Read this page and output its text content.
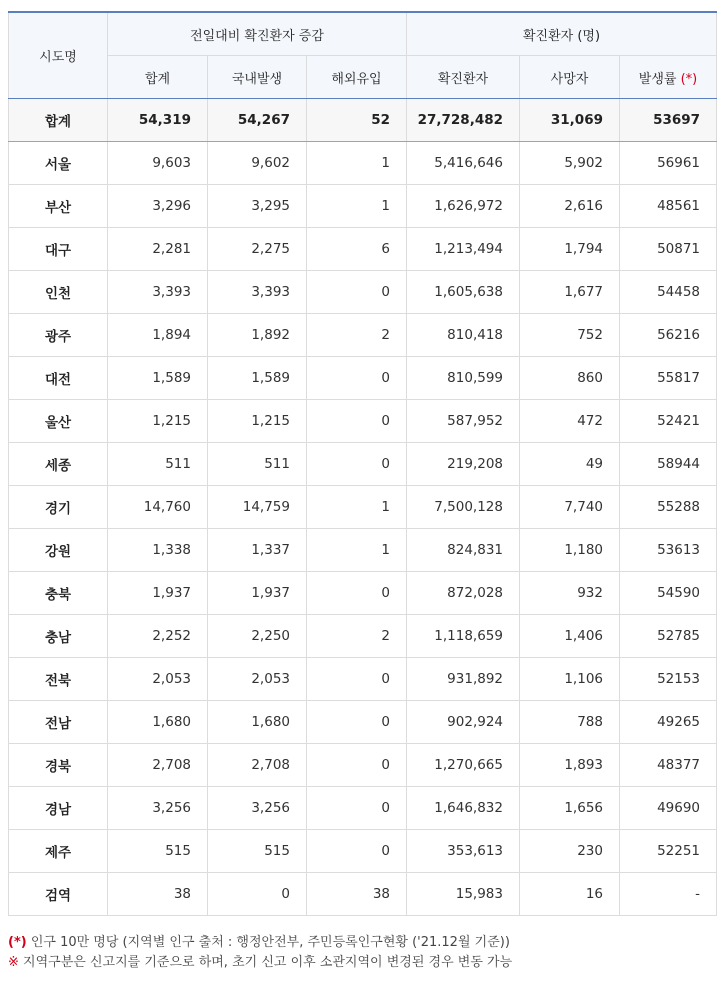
시도명	전일대비 확진환자 증감			확진환자 (명)		
	합계	국내발생	해외유입	확진환자	사망자	발생률 (*)
합계	54,319	54,267	52	27,728,482	31,069	53697
서울	9,603	9,602	1	5,416,646	5,902	56961
부산	3,296	3,295	1	1,626,972	2,616	48561
대구	2,281	2,275	6	1,213,494	1,794	50871
인천	3,393	3,393	0	1,605,638	1,677	54458
광주	1,894	1,892	2	810,418	752	56216
대전	1,589	1,589	0	810,599	860	55817
울산	1,215	1,215	0	587,952	472	52421
세종	511	511	0	219,208	49	58944
경기	14,760	14,759	1	7,500,128	7,740	55288
강원	1,338	1,337	1	824,831	1,180	53613
충북	1,937	1,937	0	872,028	932	54590
충남	2,252	2,250	2	1,118,659	1,406	52785
전북	2,053	2,053	0	931,892	1,106	52153
전남	1,680	1,680	0	902,924	788	49265
경북	2,708	2,708	0	1,270,665	1,893	48377
경남	3,256	3,256	0	1,646,832	1,656	49690
제주	515	515	0	353,613	230	52251
검역	38	0	38	15,983	16	-
(*) 인구 10만 명당 (지역별 인구 출처 : 행정안전부, 주민등록인구현황 ('21.12월 기준))
※ 지역구분은 신고지를 기준으로 하며, 초기 신고 이후 소관지역이 변경된 경우 변동 가능
